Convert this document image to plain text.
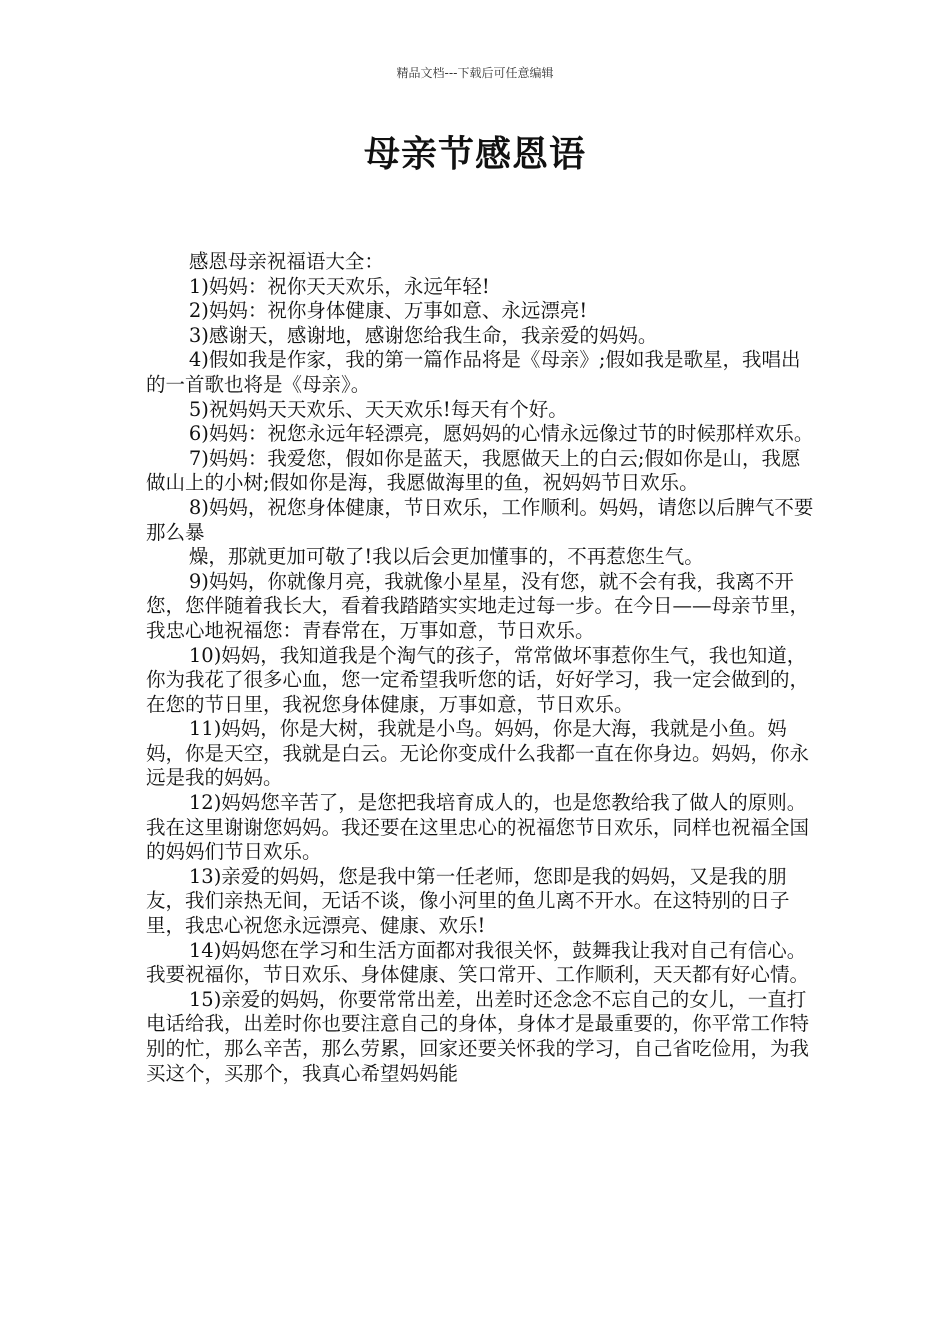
精品文档---下载后可任意编辑
母亲节感恩语

感恩母亲祝福语大全：

1)妈妈：祝你天天欢乐，永远年轻!

2)妈妈：祝你身体健康、万事如意、永远漂亮!

3)感谢天，感谢地，感谢您给我生命，我亲爱的妈妈。

4)假如我是作家，我的第一篇作品将是《母亲》;假如我是歌星，我唱出的一首歌也将是《母亲》。

5)祝妈妈天天欢乐、天天欢乐!每天有个好。

6)妈妈：祝您永远年轻漂亮，愿妈妈的心情永远像过节的时候那样欢乐。

7)妈妈：我爱您，假如你是蓝天，我愿做天上的白云;假如你是山，我愿做山上的小树;假如你是海，我愿做海里的鱼，祝妈妈节日欢乐。

8)妈妈，祝您身体健康，节日欢乐，工作顺利。妈妈，请您以后脾气不要那么暴

燥，那就更加可敬了!我以后会更加懂事的，不再惹您生气。

9)妈妈，你就像月亮，我就像小星星，没有您，就不会有我，我离不开您，您伴随着我长大，看着我踏踏实实地走过每一步。在今日——母亲节里，我忠心地祝福您：青春常在，万事如意，节日欢乐。

10)妈妈，我知道我是个淘气的孩子，常常做坏事惹你生气，我也知道，你为我花了很多心血，您一定希望我听您的话，好好学习，我一定会做到的，在您的节日里，我祝您身体健康，万事如意，节日欢乐。

11)妈妈，你是大树，我就是小鸟。妈妈，你是大海，我就是小鱼。妈妈，你是天空，我就是白云。无论你变成什么我都一直在你身边。妈妈，你永远是我的妈妈。

12)妈妈您辛苦了，是您把我培育成人的，也是您教给我了做人的原则。我在这里谢谢您妈妈。我还要在这里忠心的祝福您节日欢乐，同样也祝福全国的妈妈们节日欢乐。

13)亲爱的妈妈，您是我中第一任老师，您即是我的妈妈，又是我的朋友，我们亲热无间，无话不谈，像小河里的鱼儿离不开水。在这特别的日子里，我忠心祝您永远漂亮、健康、欢乐!

14)妈妈您在学习和生活方面都对我很关怀，鼓舞我让我对自己有信心。我要祝福你，节日欢乐、身体健康、笑口常开、工作顺利，天天都有好心情。

15)亲爱的妈妈，你要常常出差，出差时还念念不忘自己的女儿，一直打电话给我，出差时你也要注意自己的身体，身体才是最重要的，你平常工作特别的忙，那么辛苦，那么劳累，回家还要关怀我的学习，自己省吃俭用，为我买这个，买那个，我真心希望妈妈能
